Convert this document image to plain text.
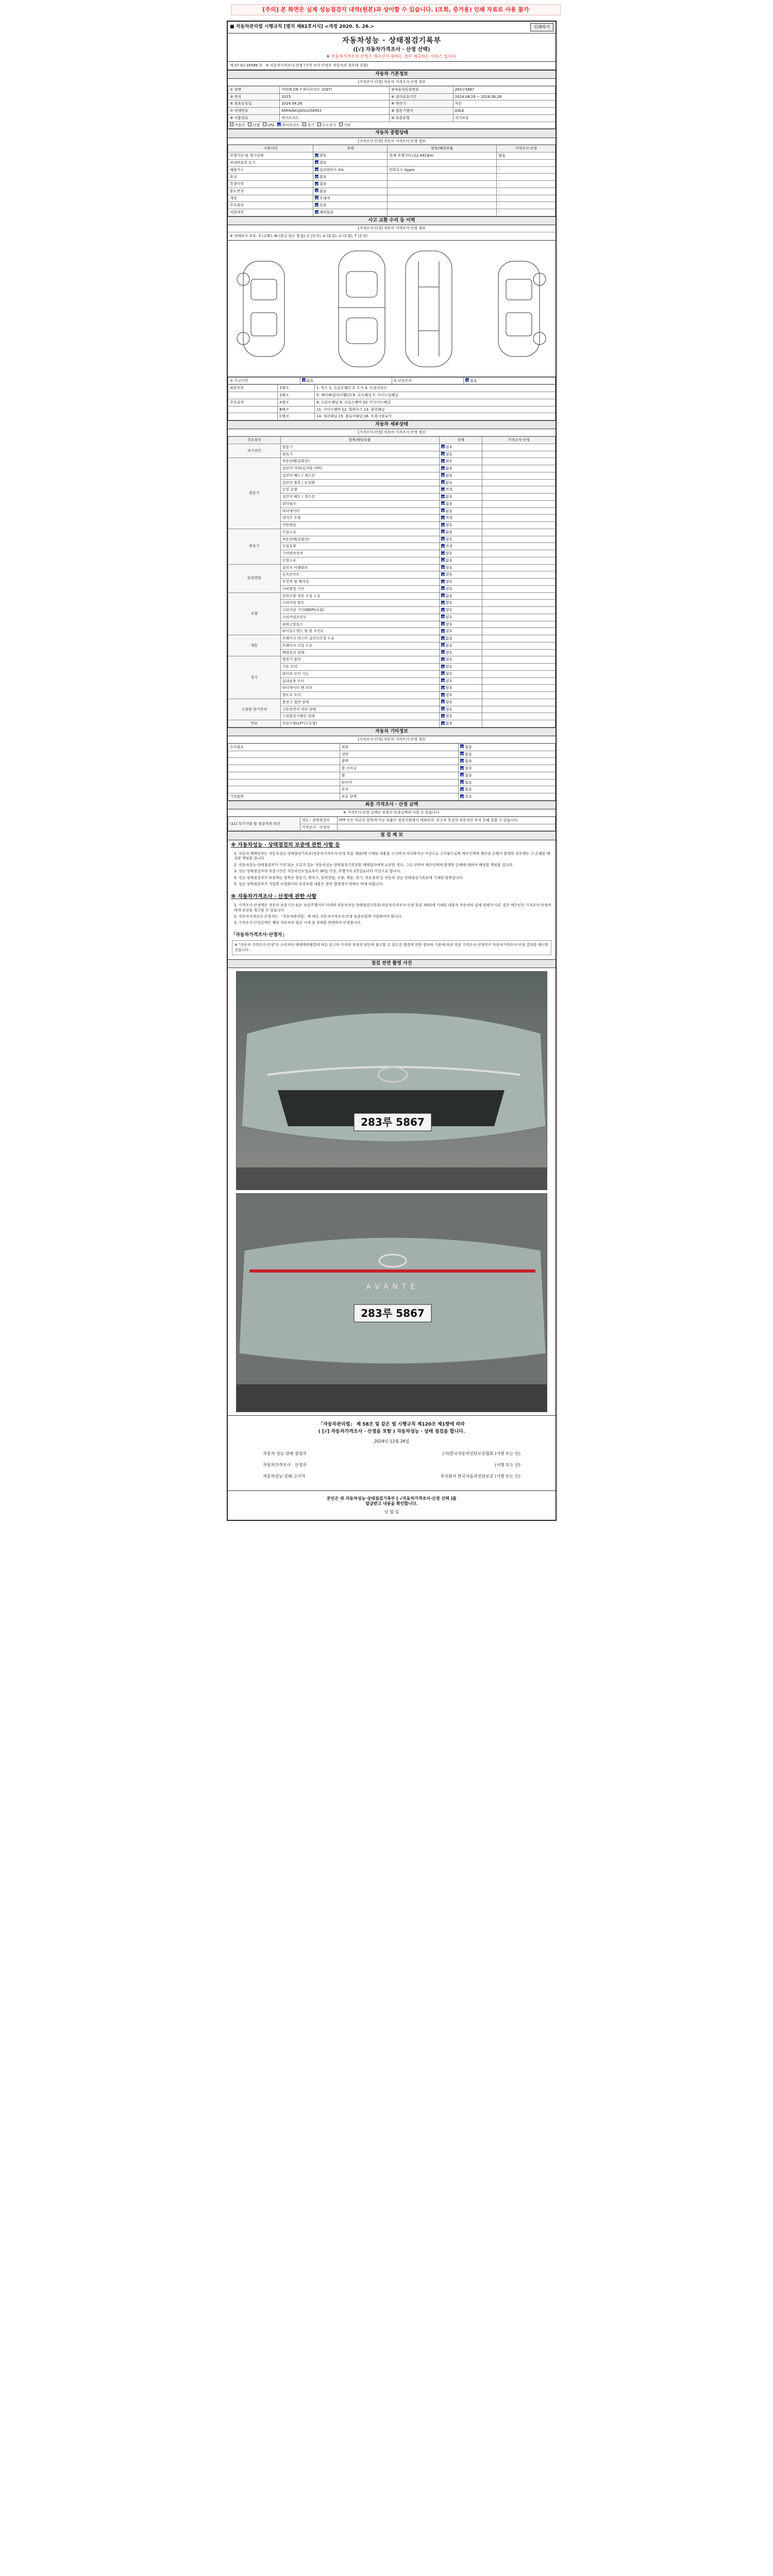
[주의] 본 화면은 실제 성능점검지 내역(원본)과 상이할 수 있습니다. (조회, 증거용) 인쇄 자료로 사용 불가
■ 자동차관리법 시행규칙 [별지 제82호서식] <개정 2020. 5. 26.>	인쇄하기
자동차성능 · 상태점검기록부
([√] 자동차가격조사 · 산정 선택)
※ 자동차가격조사 산정은 매수인이 원하는 경우 제공하는 서비스 입니다.
제 07-01-16589 호 ※ 자동차가격조사·산정 (가격 조사·산정은 자동차의 경우에 포함)
자동차 기본정보
[가격조사·산정] 자동차 가격조사·산정 정보
① 차명	아반떼 CN 7 하이브리드 (CN7)	②자동차등록번호	283루5867
③ 연식	2025	④ 검사유효기간	2024.08.29 ~ 2026.08.28
⑤ 최초등록일	2024.08.26	⑥ 변속기	자동
⑦ 차대번호	KMHLN41JGSU156952	⑧ 원동기형식	G4LE
⑨ 사용연료	하이브리드	⑩ 보증유형	자가보증
가솔린 디젤 LPG 하이브리드 전기 수소전기 기타			
자동차 종합상태
[가격조사·산정] 자동차 가격조사·산정 정보
사용이력	상태	항목/해당부품	가격조사·산정
주행거리 및 계기상태	양호	현재 주행거리 [12,442]km	많음
차대번호의 표기	양호		-
배출가스	일산화탄소 0%	탄화수소 0ppm	-
튜닝	없음		-
특별이력	없음		-
용도변경	없음		-
색상	무채색		-
주요옵션	있음		-
리콜대상	해당없음		-
사고 교환 수리 등 이력
[가격조사·산정] 자동차 가격조사·산정 정보
※ 상태표시 부호: X (교환), W (판금 또는 용접), C (부식), A (흠집), U (요철), T (손상)
① 사고이력	없음	② 단순수리	없음
외판부위	1랭크	1. 후드 2. 프론트휀더 3. 도어 4. 트렁크리드
	2랭크	5. 쿼터패널(리어휀더) 6. 루프패널 7. 사이드실패널
주요골격	A랭크	8. 프론트패널 9. 크로스멤버 10. 인사이드패널
	B랭크	11. 사이드멤버 12. 휠하우스 13. 필러패널
	C랭크	14. 대쉬패널 15. 플로어패널 16. 트렁크플로어
자동차 세부상태
[가격조사·산정] 자동차 가격조사·산정 정보
주요장치	항목/해당부품	상태	가격조사·산정
자기진단	원동기	양호	
	변속기	양호	
원동기	작동상태(공회전)	양호	
	실린더 커버(로커암 커버)	없음	
	실린더 헤드 / 개스킷	없음	
	실린더 블록 / 오일팬	없음	
	오일 유량	적정	
	실린더 헤드 / 개스킷	없음	
	워터펌프	없음	
	라디에이터	없음	
	냉각수 수량	적정	
	커먼레일	양호	
변속기	오일누유	없음	
	작동상태(공회전)	양호	
	오일유량	적정	
	기어변속장치	양호	
	오일누유	없음	
동력전달	클러치 어셈블리	양호	
	등속조인트	양호	
	추진축 및 베어링	양호	
	디퍼렌셜 기어	양호	
조향	동력조향 작동 오일 누유	없음	
	스티어링 펌프	양호	
	스티어링 기어(MDPS포함)	양호	
	스티어링조인트	양호	
	파워고압호스	양호	
	타이로드엔드 및 볼 조인트	양호	
제동	브레이크 마스터 실린더오일 누유	없음	
	브레이크 오일 누유	없음	
	배력장치 상태	양호	
전기	발전기 출력	양호	
	시동 모터	양호	
	와이퍼 모터 기능	양호	
	실내송풍 모터	양호	
	라디에이터 팬 모터	양호	
	윈도우 모터	양호	
고전원 전기장치	충전구 절연 상태	양호	
	구동축전지 격리 상태	양호	
	고전원전기배선 상태	양호	
연료	연료누출(LP가스포함)	없음	
자동차 기타정보
[가격조사·산정] 자동차 가격조사·산정 정보
수리필요	외장	없음
	내장	없음
	광택	없음
	룸 크리닝	없음
	휠	없음
	타이어	없음
	유리	없음
기본품목	보유 상태	있음
최종 가격조사 · 산정 금액
※ 가격조사·산정 금액은 보험사 보상금액과 다를 수 있습니다.
(11) 특기사항 및 점검자의 의견	성능 · 상태점검자	FFP 모든 비금속 항목에 가능 부품은 점검사항에서 제외되며, 중고차 특성상 부분적인 부식 은폐 있을 수 있습니다.
	가격조사 · 산정자	
점 검 제 보
※ 자동차성능 · 상태점검의 보증에 관한 사항 등

1. 자동차 매매업자는 자동차성능·상태점검기록부(자동차가격조사·산정 부분 제외)에 기재된 내용을 고지하지 아니하거나 거짓으로 고지함으로써 매수인에게 재산상 손해가 발생한 경우에는 그 손해를 배상할 책임을 집니다.

2. 자동차성능·상태점검자가 거짓 또는 오류가 있는 자동차성능·상태점검기록부를 매매업자에게 교부한 경우, 그로 인하여 매수인에게 발생한 손해에 대하여 배상할 책임을 집니다.

3. 성능·상태점검자의 보증기간은 자동차인도일로부터 30일 이상, 주행거리 2천킬로미터 이상으로 합니다.

4. 성능·상태점검자가 보증하는 항목은 원동기, 변속기, 동력전달, 조향, 제동, 전기, 연료장치 등 자동차 성능·상태점검기록부에 기재된 항목입니다.

5. 성능·상태점검자가 가입한 보험회사의 보증보험 내용은 관련 법령에서 정하는 바에 따릅니다.

※ 자동차가격조사 · 산정에 관한 사항

1. 가격조사·산정액은 자동차 보증기간 또는 보증주행거리 이내에 자동차성능·상태점검기록부(자동차가격조사·산정 부분 제외)에 기재된 내용과 자동차의 실제 상태가 다른 경우 매수인은 가격조사·산정자에게 보상을 청구할 수 있습니다.

2. 자동차가격조사·산정자는 「자동차관리법」에 따른 자동차가격조사·산정 보증보험에 가입하여야 합니다.

3. 가격조사·산정금액은 해당 자동차의 평균 시세 및 상태를 반영하여 산정합니다.

「자동차가격조사·산정자」
※ "자동차 가격조사·산정"은 소비자의 매매계약체결에 따른 중고차 가격의 적정성 판단에 참고할 수 있도록 법령에 의한 절차와 기준에 따라 전문 가격조사·산정인이 자동차가격조사·산정 결과를 제시한 것입니다.
점검 전면 촬영 사진
283루 5867
AVANTE
283루 5867
「자동차관리법」 제 58조 및 같은 법 시행규칙 제120조 제1항에 따라
( [√] 자동차가격조사 · 산정을 포함 ) 자동차성능 · 상태 점검을 합니다.
2024년 12월 26일
자동차 성능·상태 점검자	(사)한국자동차진단보증협회 (서명 또는 인)
자동차가격조사 · 산정자	(서명 또는 인)
자동차성능·상태 고지자	주식회사 한국자동차진단보증 (서명 또는 인)
본인은 위 자동차성능·상태점검기록부 [ √자동차가격조사·산정 선택 ]를
발급받고 내용을 확인합니다.
년 월 일
